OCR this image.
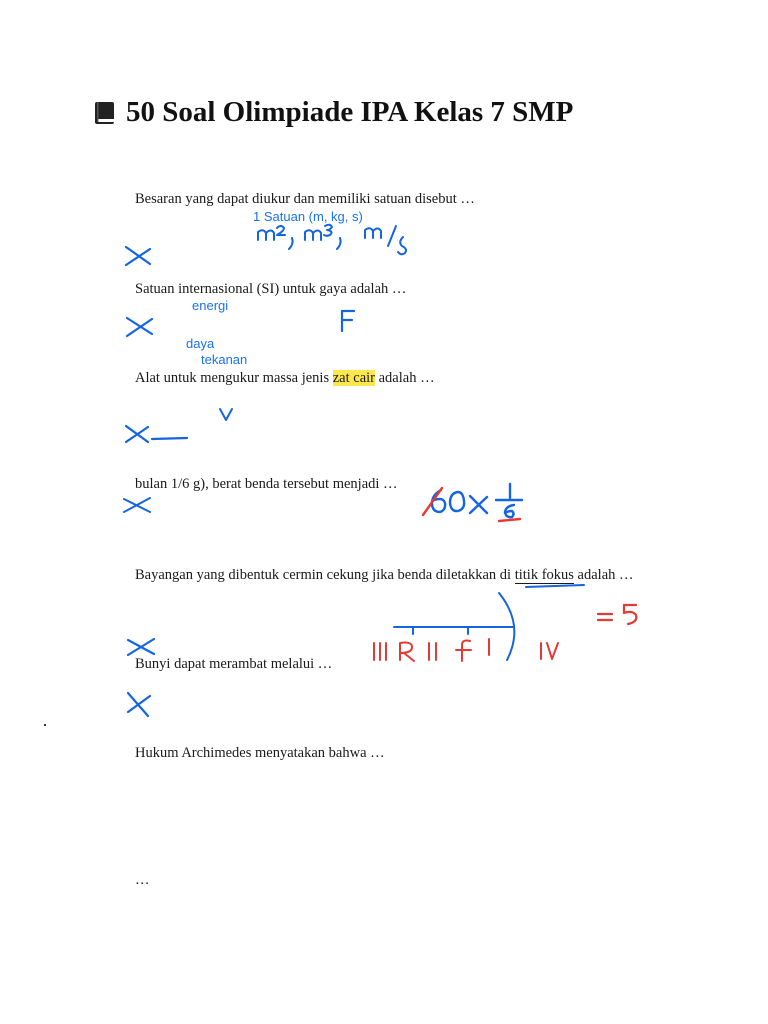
50 Soal Olimpiade IPA Kelas 7 SMP
Besaran yang dapat diukur dan memiliki satuan disebut …
Satuan internasional (SI) untuk gaya adalah …
Alat untuk mengukur massa jenis zat cair adalah …
bulan 1/6 g), berat benda tersebut menjadi …
Bayangan yang dibentuk cermin cekung jika benda diletakkan di titik fokus adalah …
Bunyi dapat merambat melalui …
Hukum Archimedes menyatakan bahwa …
…
1 Satuan (m, kg, s)
energi
daya
tekanan
